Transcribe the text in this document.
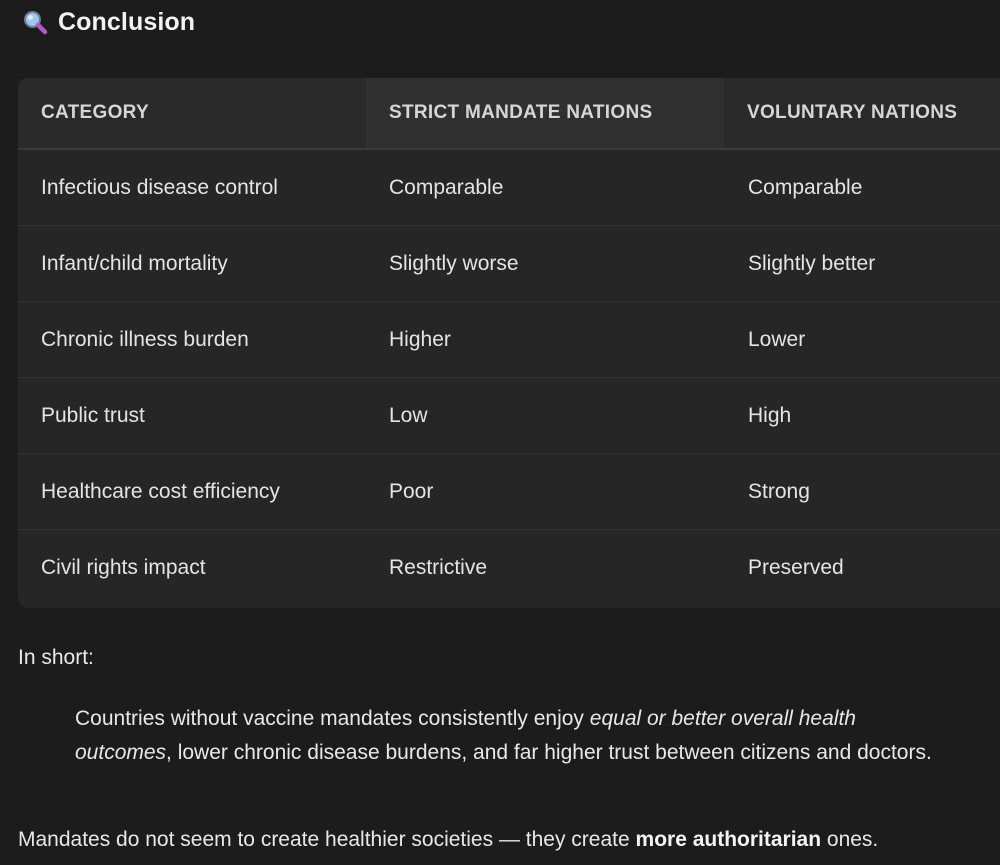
Conclusion
CATEGORY	STRICT MANDATE NATIONS	VOLUNTARY NATIONS
Infectious disease control	Comparable	Comparable
Infant/child mortality	Slightly worse	Slightly better
Chronic illness burden	Higher	Lower
Public trust	Low	High
Healthcare cost efficiency	Poor	Strong
Civil rights impact	Restrictive	Preserved
In short:
Countries without vaccine mandates consistently enjoy equal or better overall health outcomes, lower chronic disease burdens, and far higher trust between citizens and doctors.
Mandates do not seem to create healthier societies — they create more authoritarian ones.
